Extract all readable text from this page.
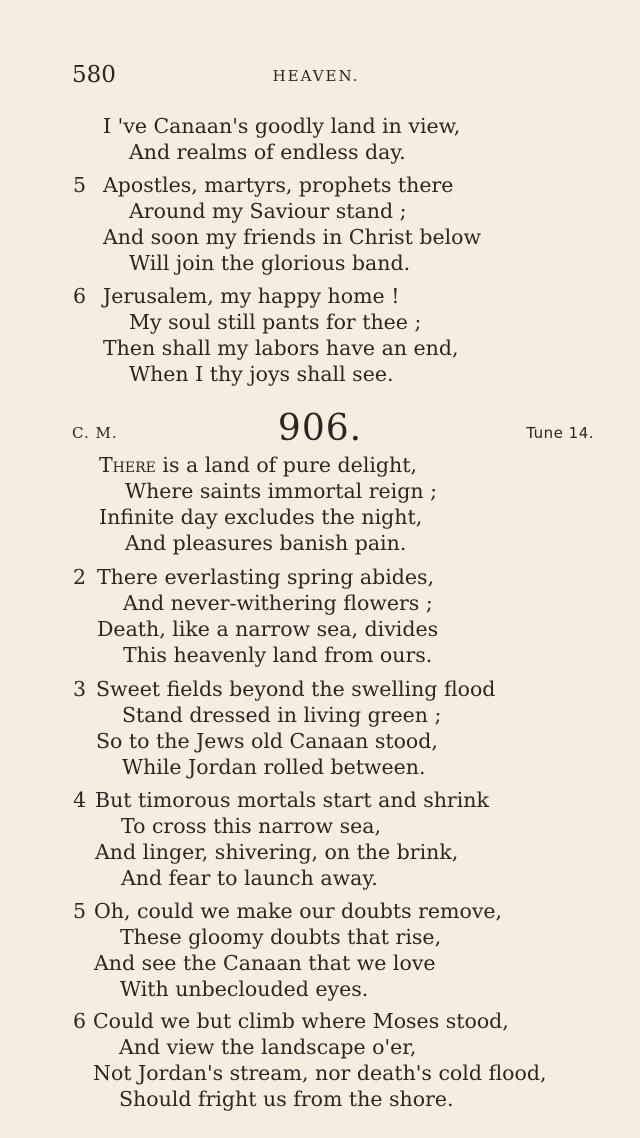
580	HEAVEN.
I 've Canaan's goodly land in view,
And realms of endless day.
5 Apostles, martyrs, prophets there
Around my Saviour stand ;
And soon my friends in Christ below
Will join the glorious band.
6 Jerusalem, my happy home !
My soul still pants for thee ;
Then shall my labors have an end,
When I thy joys shall see.
C. M.	906.	Tune 14.
There is a land of pure delight,
Where saints immortal reign ;
Infinite day excludes the night,
And pleasures banish pain.
2 There everlasting spring abides,
And never-withering flowers ;
Death, like a narrow sea, divides
This heavenly land from ours.
3 Sweet fields beyond the swelling flood
Stand dressed in living green ;
So to the Jews old Canaan stood,
While Jordan rolled between.
4 But timorous mortals start and shrink
To cross this narrow sea,
And linger, shivering, on the brink,
And fear to launch away.
5 Oh, could we make our doubts remove,
These gloomy doubts that rise,
And see the Canaan that we love
With unbeclouded eyes.
6 Could we but climb where Moses stood,
And view the landscape o'er,
Not Jordan's stream, nor death's cold flood,
Should fright us from the shore.
